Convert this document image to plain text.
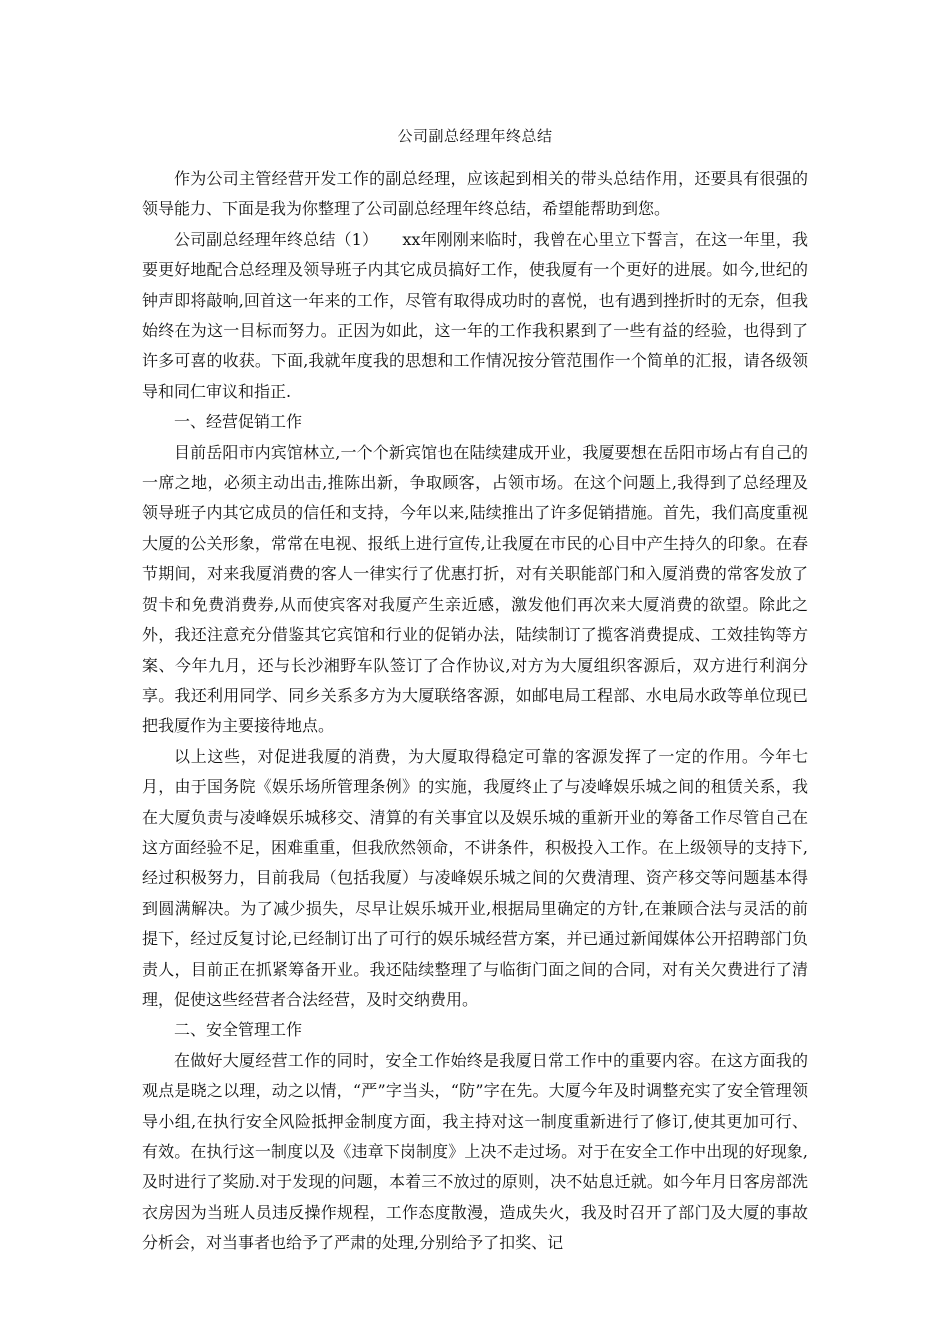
公司副总经理年终总结

作为公司主管经营开发工作的副总经理，应该起到相关的带头总结作用，还要具有很强的领导能力、下面是我为你整理了公司副总经理年终总结，希望能帮助到您。

公司副总经理年终总结（1）　　xx年刚刚来临时，我曾在心里立下誓言，在这一年里，我要更好地配合总经理及领导班子内其它成员搞好工作，使我厦有一个更好的进展。如今,世纪的钟声即将敲响,回首这一年来的工作，尽管有取得成功时的喜悦，也有遇到挫折时的无奈，但我始终在为这一目标而努力。正因为如此，这一年的工作我积累到了一些有益的经验，也得到了许多可喜的收获。下面,我就年度我的思想和工作情况按分管范围作一个简单的汇报，请各级领导和同仁审议和指正.

一、经营促销工作

目前岳阳市内宾馆林立,一个个新宾馆也在陆续建成开业，我厦要想在岳阳市场占有自己的一席之地，必须主动出击,推陈出新，争取顾客，占领市场。在这个问题上,我得到了总经理及领导班子内其它成员的信任和支持，今年以来,陆续推出了许多促销措施。首先，我们高度重视大厦的公关形象，常常在电视、报纸上进行宣传,让我厦在市民的心目中产生持久的印象。在春节期间，对来我厦消费的客人一律实行了优惠打折，对有关职能部门和入厦消费的常客发放了贺卡和免费消费券,从而使宾客对我厦产生亲近感，激发他们再次来大厦消费的欲望。除此之外，我还注意充分借鉴其它宾馆和行业的促销办法，陆续制订了揽客消费提成、工效挂钩等方案、今年九月，还与长沙湘野车队签订了合作协议,对方为大厦组织客源后，双方进行利润分享。我还利用同学、同乡关系多方为大厦联络客源，如邮电局工程部、水电局水政等单位现已把我厦作为主要接待地点。

以上这些，对促进我厦的消费，为大厦取得稳定可靠的客源发挥了一定的作用。今年七月，由于国务院《娱乐场所管理条例》的实施，我厦终止了与凌峰娱乐城之间的租赁关系，我在大厦负责与凌峰娱乐城移交、清算的有关事宜以及娱乐城的重新开业的筹备工作尽管自己在这方面经验不足，困难重重，但我欣然领命，不讲条件，积极投入工作。在上级领导的支持下,经过积极努力，目前我局（包括我厦）与凌峰娱乐城之间的欠费清理、资产移交等问题基本得到圆满解决。为了减少损失，尽早让娱乐城开业,根据局里确定的方针,在兼顾合法与灵活的前提下，经过反复讨论,已经制订出了可行的娱乐城经营方案，并已通过新闻媒体公开招聘部门负责人，目前正在抓紧筹备开业。我还陆续整理了与临街门面之间的合同，对有关欠费进行了清理，促使这些经营者合法经营，及时交纳费用。

二、安全管理工作

在做好大厦经营工作的同时，安全工作始终是我厦日常工作中的重要内容。在这方面我的观点是晓之以理，动之以情，“严”字当头，“防”字在先。大厦今年及时调整充实了安全管理领导小组,在执行安全风险抵押金制度方面，我主持对这一制度重新进行了修订,使其更加可行、有效。在执行这一制度以及《违章下岗制度》上决不走过场。对于在安全工作中出现的好现象,及时进行了奖励.对于发现的问题，本着三不放过的原则，决不姑息迁就。如今年月日客房部洗衣房因为当班人员违反操作规程，工作态度散漫，造成失火，我及时召开了部门及大厦的事故分析会，对当事者也给予了严肃的处理,分别给予了扣奖、记
